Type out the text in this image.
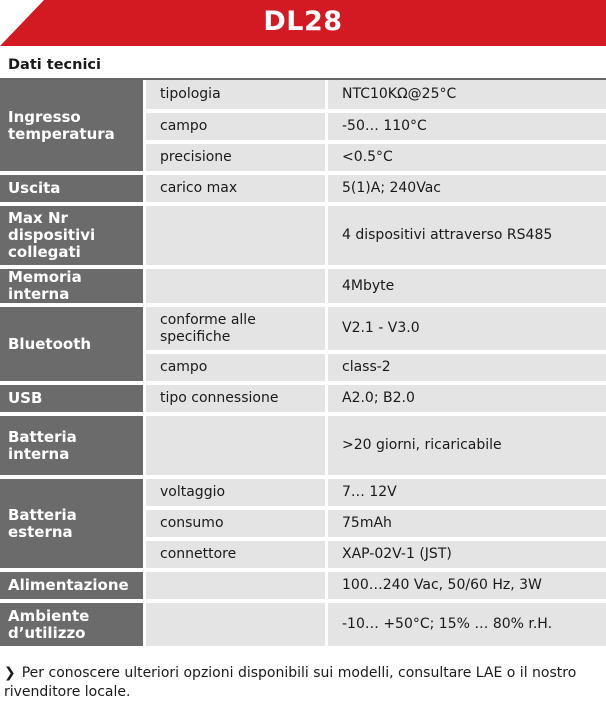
DL28
Dati tecnici
Ingresso temperatura	tipologia	NTC10KΩ@25°C
	campo	-50… 110°C
	precisione	<0.5°C
Uscita	carico max	5(1)A; 240Vac
Max Nr dispositivi collegati		4 dispositivi attraverso RS485
Memoria interna		4Mbyte
Bluetooth	conforme alle specifiche	V2.1 - V3.0
	campo	class-2
USB	tipo connessione	A2.0; B2.0
Batteria interna		>20 giorni, ricaricabile
Batteria esterna	voltaggio	7… 12V
	consumo	75mAh
	connettore	XAP-02V-1 (JST)
Alimentazione		100…240 Vac, 50/60 Hz, 3W
Ambiente d’utilizzo		-10… +50°C; 15% … 80% r.H.
❯ Per conoscere ulteriori opzioni disponibili sui modelli, consultare LAE o il nostro rivenditore locale.
